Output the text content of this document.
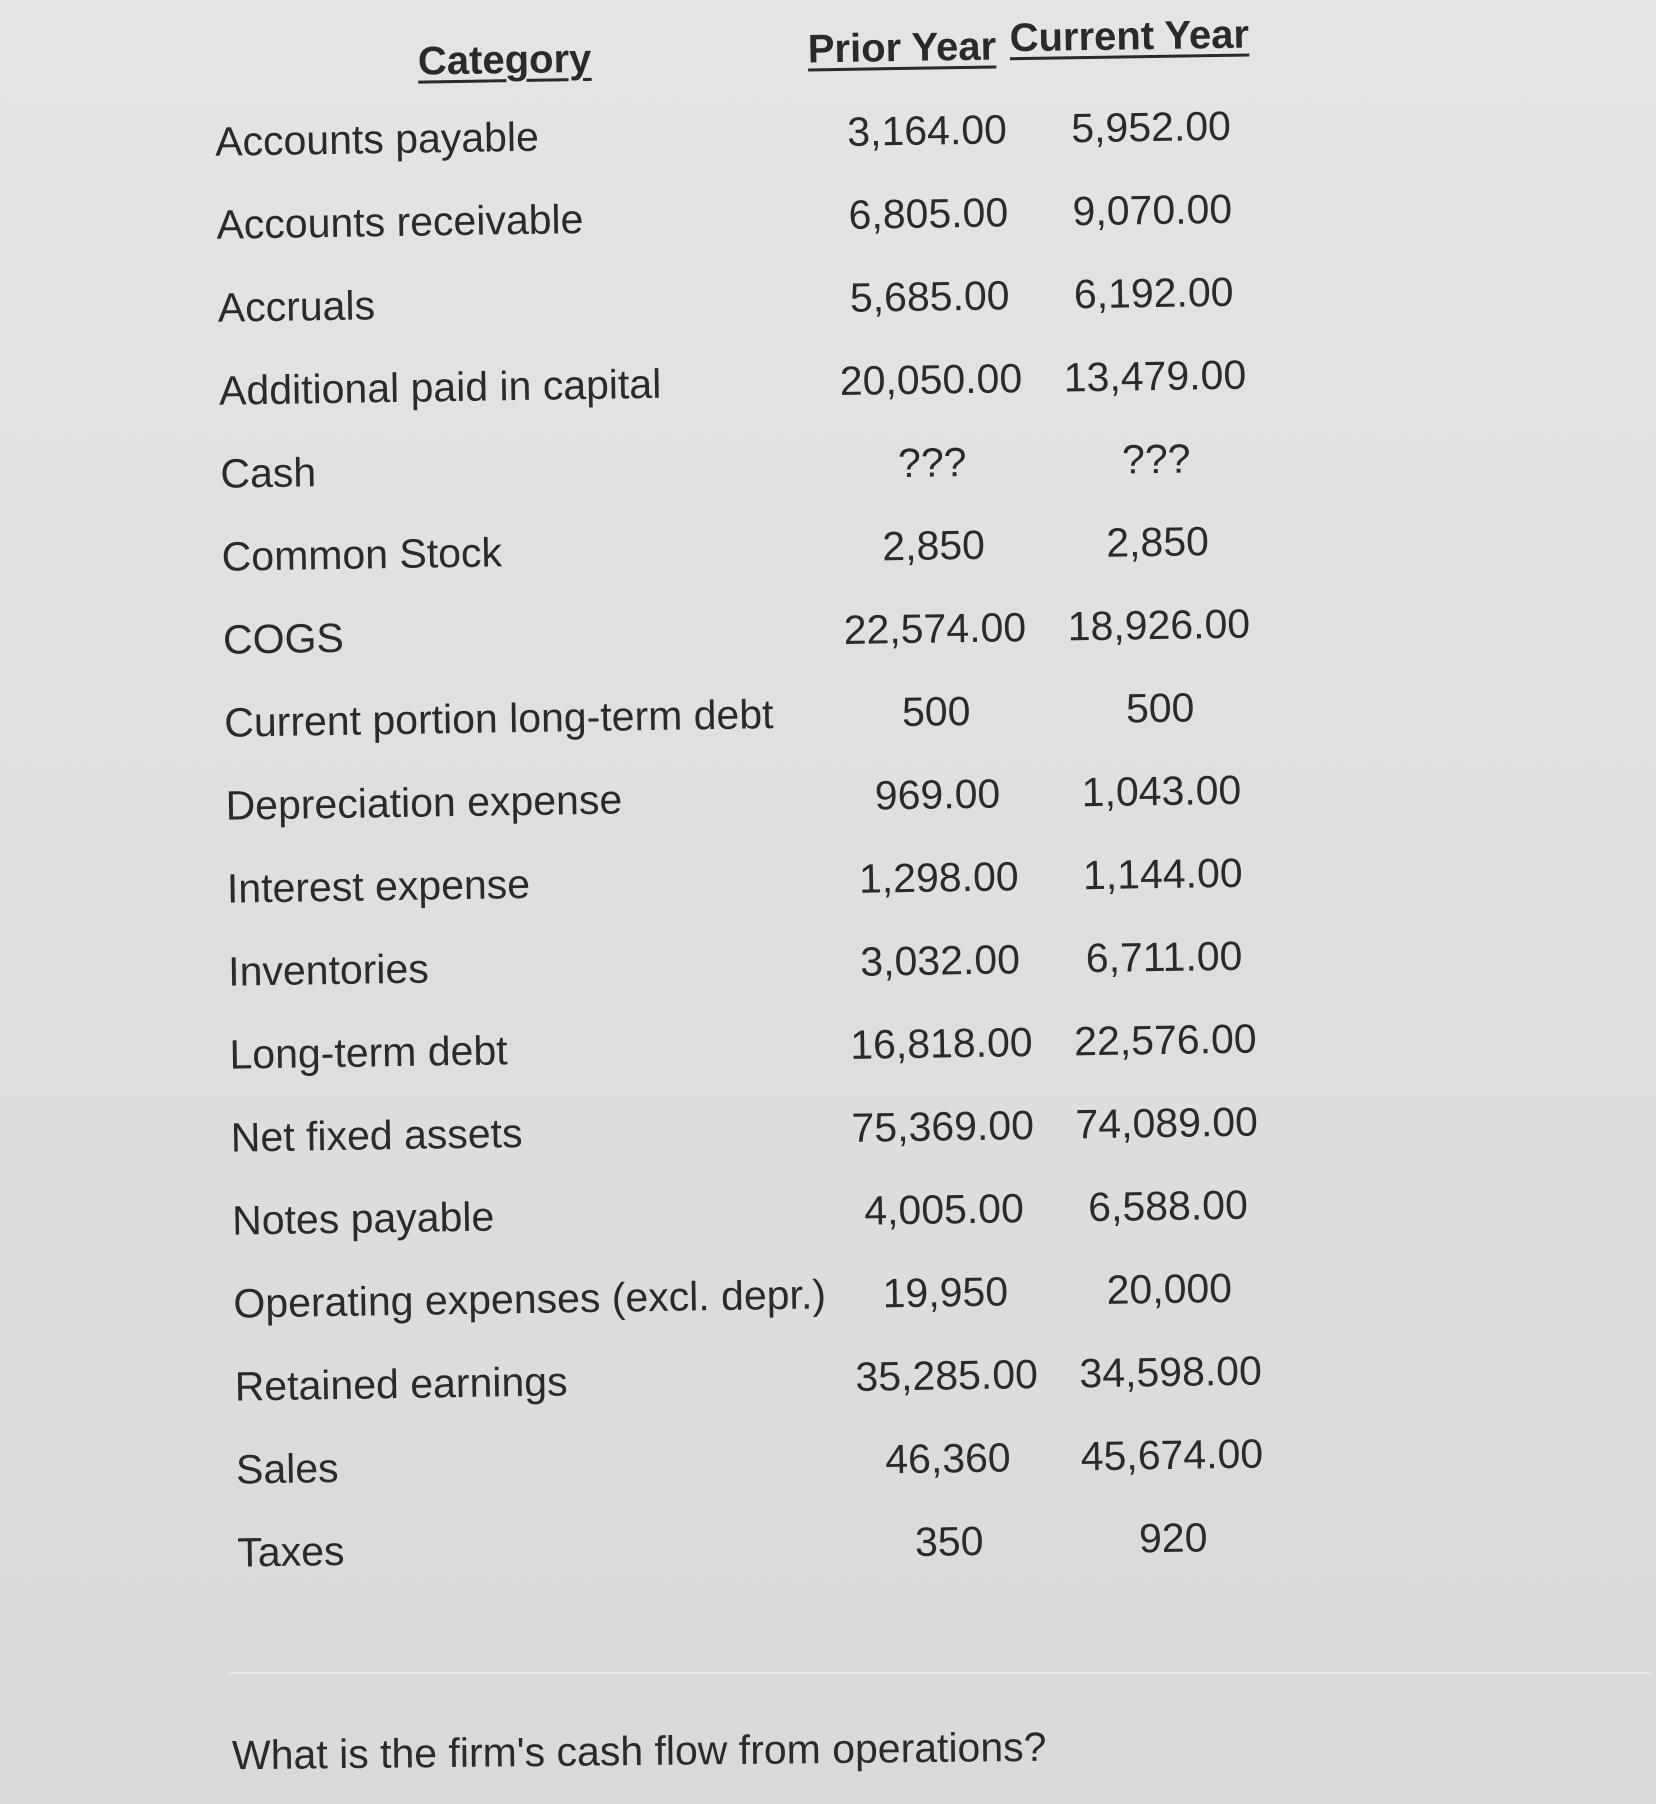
Category	Prior Year Current Year
Accounts payable	3,164.00	5,952.00
Accounts receivable	6,805.00	9,070.00
Accruals	5,685.00	6,192.00
Additional paid in capital	20,050.00 13,479.00
Cash	???	???
Common Stock	2,850	2,850
COGS	22,574.00 18,926.00
Current portion long-term debt	500	500
Depreciation expense	969.00	1,043.00
Interest expense	1,298.00	1,144.00
Inventories	3,032.00	6,711.00
Long-term debt	16,818.00 22,576.00
Net fixed assets	75,369.00 74,089.00
Notes payable	4,005.00	6,588.00
Operating expenses (excl. depr.)	19,950	20,000
Retained earnings	35,285.00 34,598.00
Sales	46,360	45,674.00
Taxes	350	920
What is the firm's cash flow from operations?
